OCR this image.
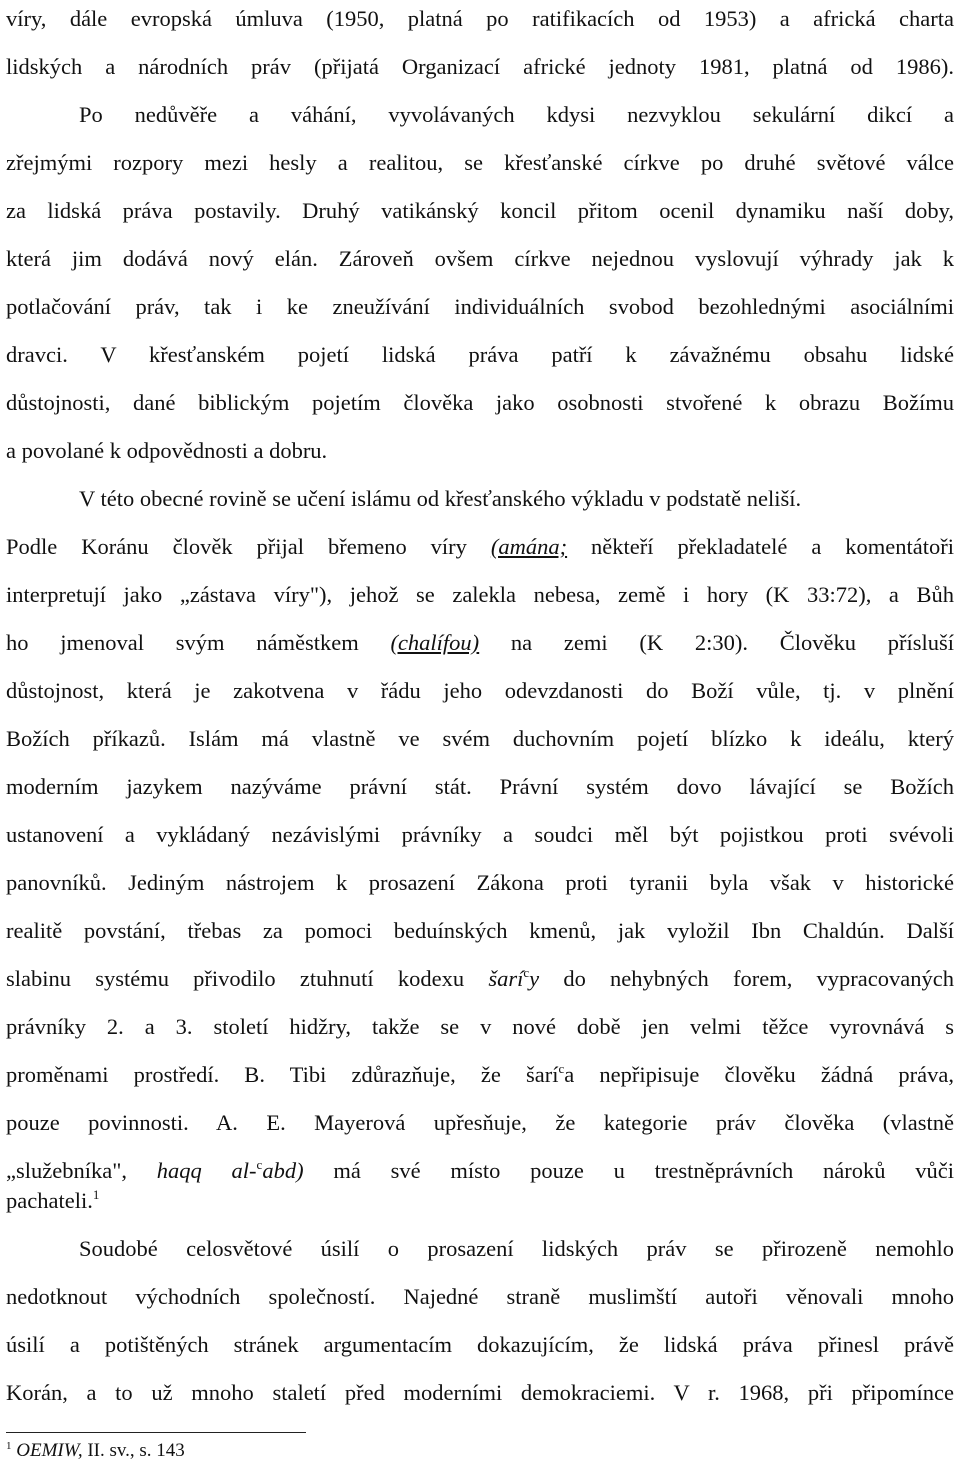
víry, dále evropská úmluva (1950, platná po ratifikacích od 1953) a africká charta
lidských a národních práv (přijatá Organizací africké jednoty 1981, platná od 1986).
Po nedůvěře a váhání, vyvolávaných kdysi nezvyklou sekulární dikcí a
zřejmými rozpory mezi hesly a realitou, se křesťanské církve po druhé světové válce
za lidská práva postavily. Druhý vatikánský koncil přitom ocenil dynamiku naší doby,
která jim dodává nový elán. Zároveň ovšem církve nejednou vyslovují výhrady jak k
potlačování práv, tak i ke zneužívání individuálních svobod bezohlednými asociálními
dravci. V křesťanském pojetí lidská práva patří k závažnému obsahu lidské
důstojnosti, dané biblickým pojetím člověka jako osobnosti stvořené k obrazu Božímu
a povolané k odpovědnosti a dobru.
V této obecné rovině se učení islámu od křesťanského výkladu v podstatě neliší.
Podle Koránu člověk přijal břemeno víry (amána; někteří překladatelé a komentátoři
interpretují jako „zástava víry"), jehož se zalekla nebesa, země i hory (K 33:72), a Bůh
ho jmenoval svým náměstkem (chalífou) na zemi (K 2:30). Člověku přísluší
důstojnost, která je zakotvena v řádu jeho odevzdanosti do Boží vůle, tj. v plnění
Božích příkazů. Islám má vlastně ve svém duchovním pojetí blízko k ideálu, který
moderním jazykem nazýváme právní stát. Právní systém dovo lávající se Božích
ustanovení a vykládaný nezávislými právníky a soudci měl být pojistkou proti svévoli
panovníků. Jediným nástrojem k prosazení Zákona proti tyranii byla však v historické
realitě povstání, třebas za pomoci beduínských kmenů, jak vyložil Ibn Chaldún. Další
slabinu systému přivodilo ztuhnutí kodexu šarí$^c$y do nehybných forem, vypracovaných
právníky 2. a 3. století hidžry, takže se v nové době jen velmi těžce vyrovnává s
proměnami prostředí. B. Tibi zdůrazňuje, že šarí$^c$a nepřipisuje člověku žádná práva,
pouze povinnosti. A. E. Mayerová upřesňuje, že kategorie práv člověka (vlastně
„služebníka", haqq al-$^c$abd) má své místo pouze u trestněprávních nároků vůči
pachateli.$^1$
Soudobé celosvětové úsilí o prosazení lidských práv se přirozeně nemohlo
nedotknout východních společností. Najedné straně muslimští autoři věnovali mnoho
úsilí a potištěných stránek argumentacím dokazujícím, že lidská práva přinesl právě
Korán, a to už mnoho staletí před moderními demokraciemi. V r. 1968, při připomínce
$^1$ OEMIW, II. sv., s. 143
